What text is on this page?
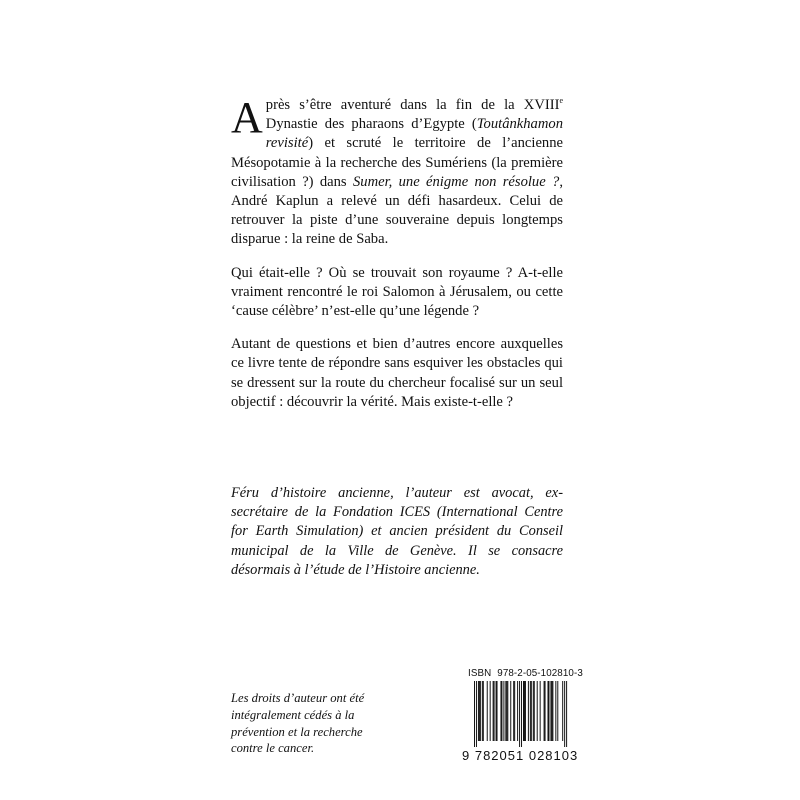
Après s’être aventuré dans la fin de la XVIIIe Dynastie des pharaons d’Egypte (Toutânkhamon revisité) et scruté le territoire de l’ancienne Mésopotamie à la recherche des Sumériens (la première civilisation ?) dans Sumer, une énigme non résolue ?, André Kaplun a relevé un défi hasardeux. Celui de retrouver la piste d’une souveraine depuis longtemps disparue : la reine de Saba.

Qui était-elle ? Où se trouvait son royaume ? A-t-elle vraiment rencontré le roi Salomon à Jérusalem, ou cette ‘cause célèbre’ n’est-elle qu’une légende ?

Autant de questions et bien d’autres encore auxquelles ce livre tente de répondre sans esquiver les obstacles qui se dressent sur la route du chercheur focalisé sur un seul objectif : découvrir la vérité. Mais existe-t-elle ?

Féru d’histoire ancienne, l’auteur est avocat, ex-secrétaire de la Fondation ICES (International Centre for Earth Simulation) et ancien président du Conseil municipal de la Ville de Genève. Il se consacre désormais à l’étude de l’Histoire ancienne.

Les droits d’auteur ont été intégralement cédés à la prévention et la recherche contre le cancer.

ISBN 978-2-05-102810-3
9 782051 028103
